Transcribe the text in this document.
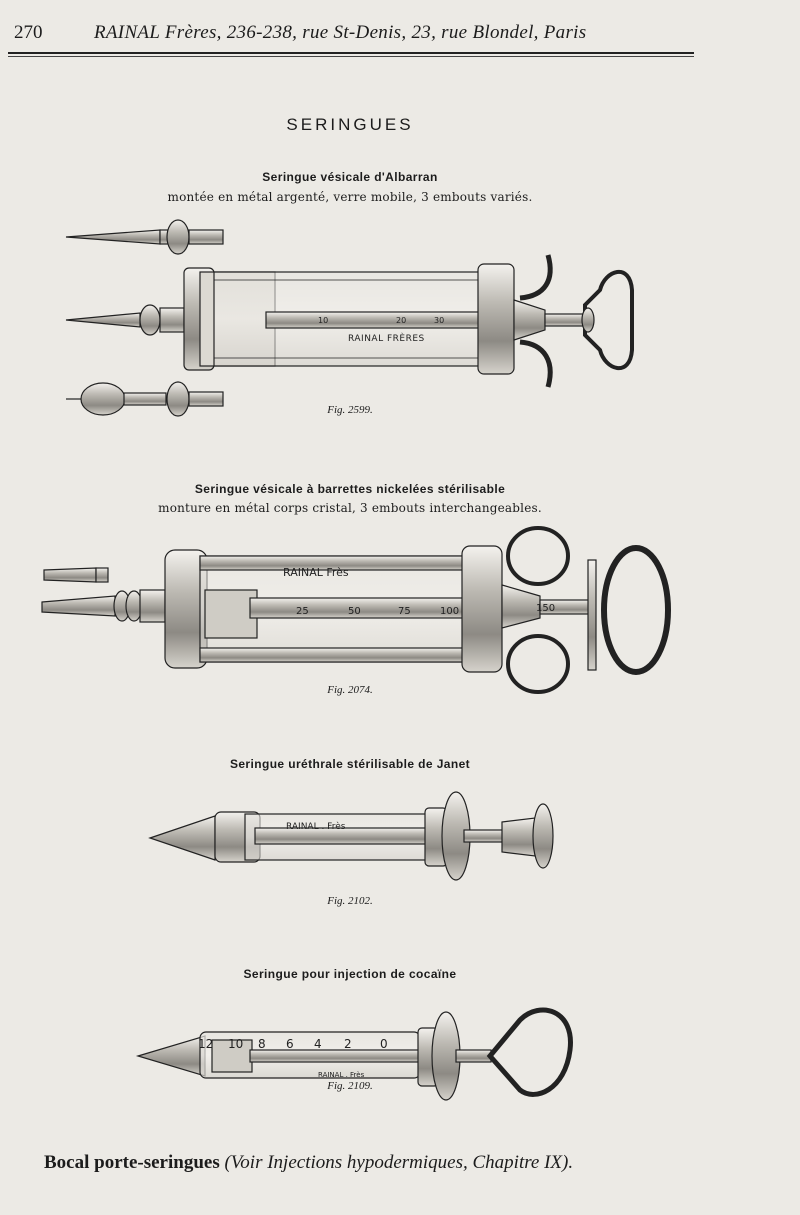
270	RAINAL Frères, 236-238, rue St-Denis, 23, rue Blondel, Paris
SERINGUES
Seringue vésicale d'Albarran
montée en métal argenté, verre mobile, 3 embouts variés.
Seringue vésicale à barrettes nickelées stérilisable
monture en métal corps cristal, 3 embouts interchangeables.
Seringue uréthrale stérilisable de Janet
Seringue pour injection de cocaïne
10	20	30
RAINAL FRÈRES
25	50	75	100	150
RAINAL Frès
RAINAL . Frès
12 10 8 6 4 2 0
RAINAL . Frès
Fig. 2599.
Fig. 2074.
Fig. 2102.
Fig. 2109.
Bocal porte-seringues (Voir Injections hypodermiques, Chapitre IX).
